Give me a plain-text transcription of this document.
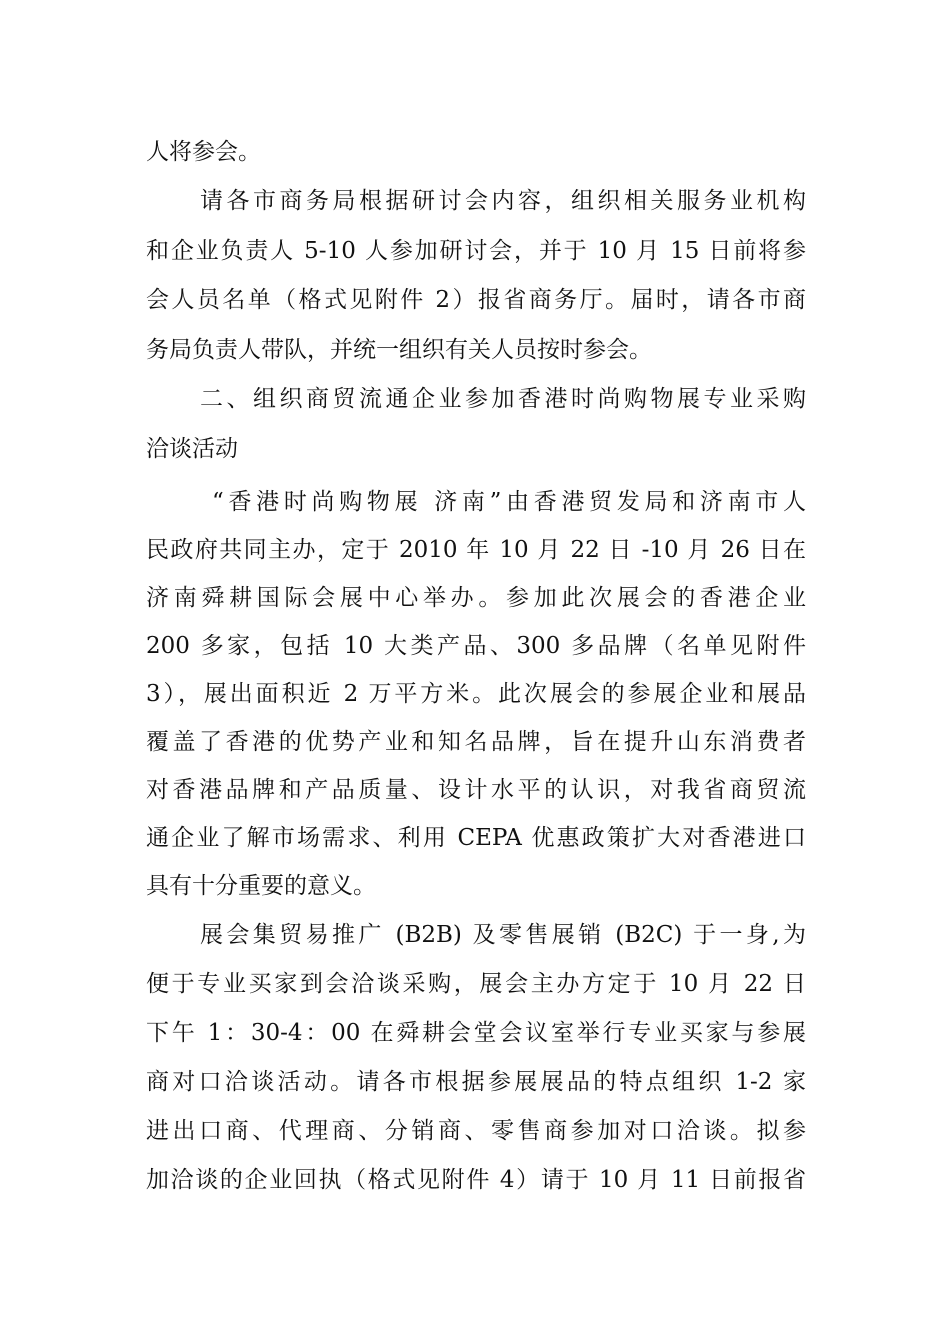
人将参会。
请各市商务局根据研讨会内容，组织相关服务业机构
和企业负责人 5-10 人参加研讨会，并于 10 月 15 日前将参
会人员名单（格式见附件 2）报省商务厅。届时，请各市商
务局负责人带队，并统一组织有关人员按时参会。
二、组织商贸流通企业参加香港时尚购物展专业采购
洽谈活动
“香港时尚购物展 济南”由香港贸发局和济南市人
民政府共同主办，定于 2010 年 10 月 22 日 -10 月 26 日在
济南舜耕国际会展中心举办。参加此次展会的香港企业
200 多家，包括 10 大类产品、300 多品牌（名单见附件
3），展出面积近 2 万平方米。此次展会的参展企业和展品
覆盖了香港的优势产业和知名品牌，旨在提升山东消费者
对香港品牌和产品质量、设计水平的认识，对我省商贸流
通企业了解市场需求、利用 CEPA 优惠政策扩大对香港进口
具有十分重要的意义。
展会集贸易推广 (B2B) 及零售展销 (B2C) 于一身,为
便于专业买家到会洽谈采购，展会主办方定于 10 月 22 日
下午 1：30-4：00 在舜耕会堂会议室举行专业买家与参展
商对口洽谈活动。请各市根据参展展品的特点组织 1-2 家
进出口商、代理商、分销商、零售商参加对口洽谈。拟参
加洽谈的企业回执（格式见附件 4）请于 10 月 11 日前报省
